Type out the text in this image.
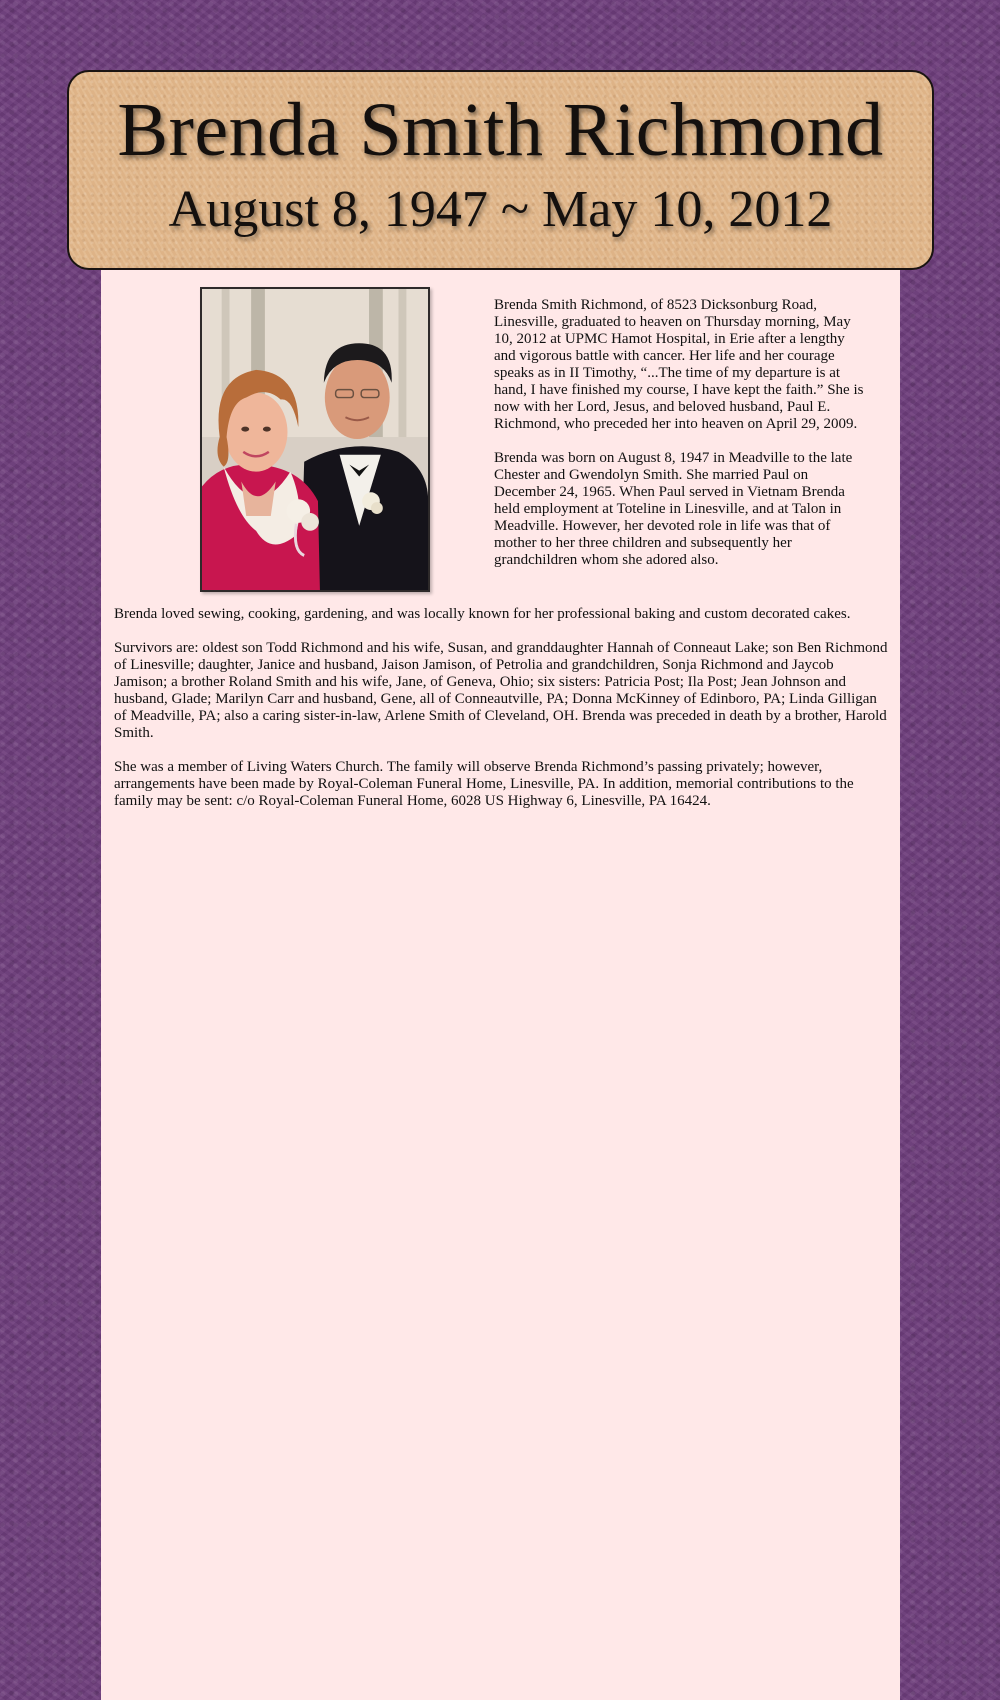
Brenda Smith Richmond
August 8, 1947 ~ May 10, 2012

Brenda Smith Richmond, of 8523 Dicksonburg Road, Linesville, graduated to heaven on Thursday morning, May 10, 2012 at UPMC Hamot Hospital, in Erie after a lengthy and vigorous battle with cancer. Her life and her courage speaks as in II Timothy, “...The time of my departure is at hand, I have finished my course, I have kept the faith.” She is now with her Lord, Jesus, and beloved husband, Paul E. Richmond, who preceded her into heaven on April 29, 2009.

Brenda was born on August 8, 1947 in Meadville to the late Chester and Gwendolyn Smith. She married Paul on December 24, 1965. When Paul served in Vietnam Brenda held employment at Toteline in Linesville, and at Talon in Meadville. However, her devoted role in life was that of mother to her three children and subsequently her grandchildren whom she adored also.

Brenda loved sewing, cooking, gardening, and was locally known for her professional baking and custom decorated cakes.

Survivors are: oldest son Todd Richmond and his wife, Susan, and granddaughter Hannah of Conneaut Lake; son Ben Richmond of Linesville; daughter, Janice and husband, Jaison Jamison, of Petrolia and grandchildren, Sonja Richmond and Jaycob Jamison; a brother Roland Smith and his wife, Jane, of Geneva, Ohio; six sisters: Patricia Post; Ila Post; Jean Johnson and husband, Glade; Marilyn Carr and husband, Gene, all of Conneautville, PA; Donna McKinney of Edinboro, PA; Linda Gilligan of Meadville, PA; also a caring sister-in-law, Arlene Smith of Cleveland, OH. Brenda was preceded in death by a brother, Harold Smith.

She was a member of Living Waters Church. The family will observe Brenda Richmond’s passing privately; however, arrangements have been made by Royal-Coleman Funeral Home, Linesville, PA. In addition, memorial contributions to the family may be sent: c/o Royal-Coleman Funeral Home, 6028 US Highway 6, Linesville, PA 16424.
